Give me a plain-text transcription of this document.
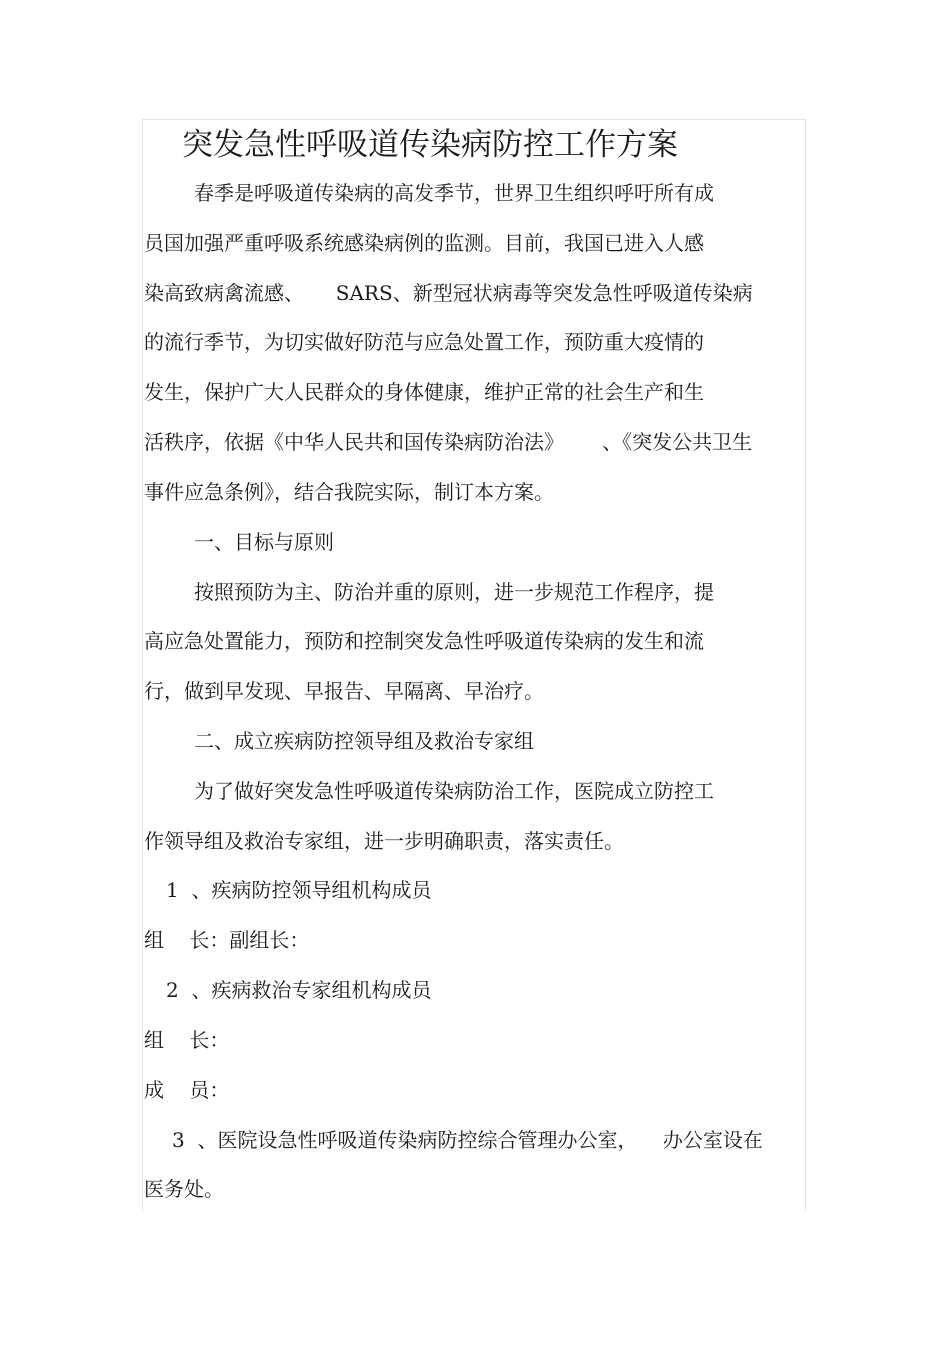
突发急性呼吸道传染病防控工作方案
春季是呼吸道传染病的高发季节，世界卫生组织呼吁所有成
员国加强严重呼吸系统感染病例的监测。目前，我国已进入人感
染高致病禽流感、     SARS、新型冠状病毒等突发急性呼吸道传染病
的流行季节，为切实做好防范与应急处置工作，预防重大疫情的
发生，保护广大人民群众的身体健康，维护正常的社会生产和生
活秩序，依据《中华人民共和国传染病防治法》      、《突发公共卫生
事件应急条例》，结合我院实际，制订本方案。
一、目标与原则
按照预防为主、防治并重的原则，进一步规范工作程序，提
高应急处置能力，预防和控制突发急性呼吸道传染病的发生和流
行，做到早发现、早报告、早隔离、早治疗。
二、成立疾病防控领导组及救治专家组
为了做好突发急性呼吸道传染病防治工作，医院成立防控工
作领导组及救治专家组，进一步明确职责，落实责任。
1  、疾病防控领导组机构成员
组    长：副组长：
2  、疾病救治专家组机构成员
组    长：
成    员：
3  、医院设急性呼吸道传染病防控综合管理办公室，    办公室设在
医务处。
